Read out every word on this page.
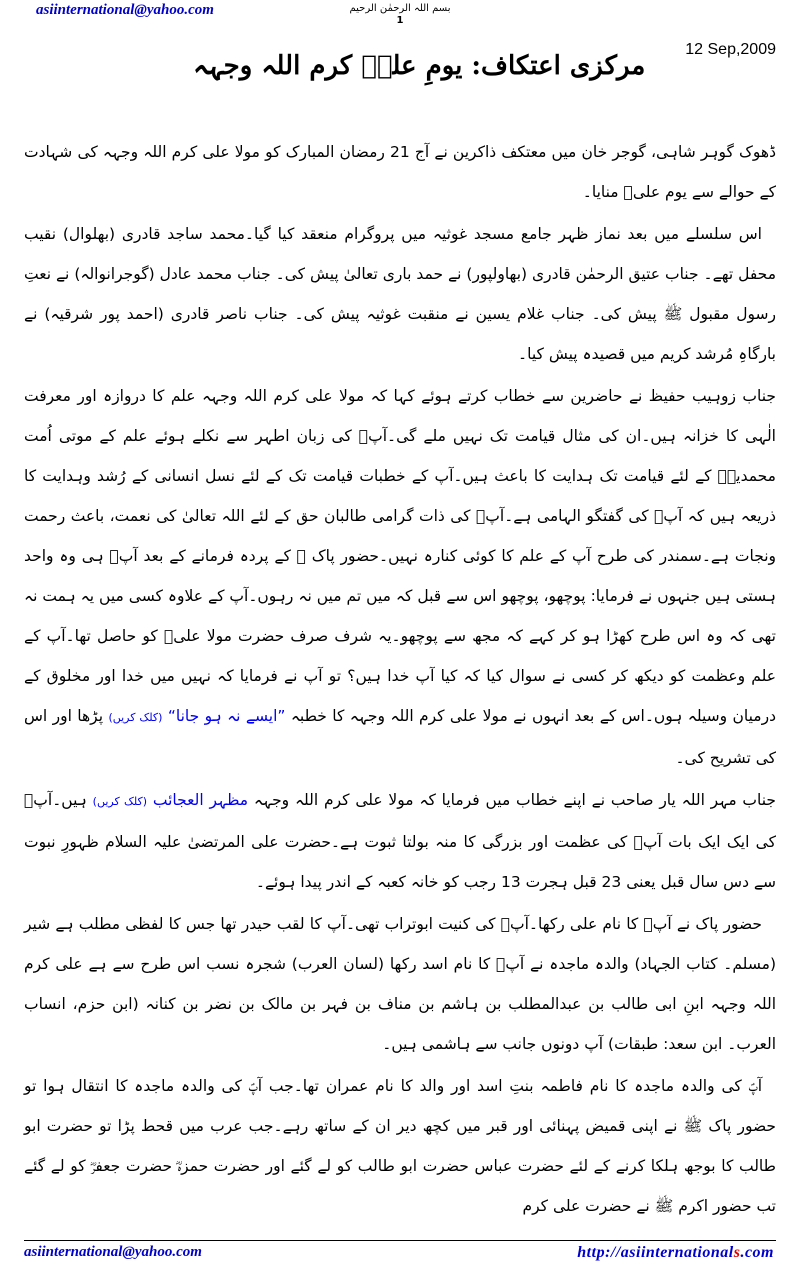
asiinternational@yahoo.com	بسم اللہ الرحمٰن الرحیم
1
مرکزی اعتکاف: یومِ علیؑ کرم اللہ وجہہ
12 Sep,2009

ڈھوک گوہر شاہی، گوجر خان میں معتکف ذاکرین نے آج 21 رمضان المبارک کو مولا علی کرم اللہ وجہہ کی شہادت کے حوالے سے یوم علیؑ منایا۔

اس سلسلے میں بعد نماز ظہر جامع مسجد غوثیہ میں پروگرام منعقد کیا گیا۔محمد ساجد قادری (بھلوال) نقیب محفل تھے۔ جناب عتیق الرحمٰن قادری (بھاولپور) نے حمد باری تعالیٰ پیش کی۔ جناب محمد عادل (گوجرانوالہ) نے نعتِ رسول مقبول ﷺ پیش کی۔ جناب غلام یسین نے منقبت غوثیہ پیش کی۔ جناب ناصر قادری (احمد پور شرقیہ) نے بارگاہِ مُرشد کریم میں قصیدہ پیش کیا۔

جناب زوہیب حفیظ نے حاضرین سے خطاب کرتے ہوئے کہا کہ مولا علی کرم اللہ وجہہ علم کا دروازہ اور معرفت الٰہی کا خزانہ ہیں۔ان کی مثال قیامت تک نہیں ملے گی۔آپؑ کی زبان اطہر سے نکلے ہوئے علم کے موتی اُمت محمدیہؐ کے لئے قیامت تک ہدایت کا باعث ہیں۔آپ کے خطبات قیامت تک کے لئے نسل انسانی کے رُشد وہدایت کا ذریعہ ہیں کہ آپؑ کی گفتگو الہامی ہے۔آپؑ کی ذات گرامی طالبان حق کے لئے اللہ تعالیٰ کی نعمت، باعث رحمت ونجات ہے۔سمندر کی طرح آپ کے علم کا کوئی کنارہ نہیں۔حضور پاک ﷺ کے پردہ فرمانے کے بعد آپؑ ہی وہ واحد ہستی ہیں جنہوں نے فرمایا: پوچھو، پوچھو اس سے قبل کہ میں تم میں نہ رہوں۔آپ کے علاوہ کسی میں یہ ہمت نہ تھی کہ وہ اس طرح کھڑا ہو کر کہے کہ مجھ سے پوچھو۔یہ شرف صرف حضرت مولا علیؑ کو حاصل تھا۔آپ کے علم وعظمت کو دیکھ کر کسی نے سوال کیا کہ کیا آپ خدا ہیں؟ تو آپ نے فرمایا کہ نہیں میں خدا اور مخلوق کے درمیان وسیلہ ہوں۔اس کے بعد انہوں نے مولا علی کرم اللہ وجہہ کا خطبہ ”ایسے نہ ہو جانا“ (کلک کریں) پڑھا اور اس کی تشریح کی۔

جناب مہر اللہ یار صاحب نے اپنے خطاب میں فرمایا کہ مولا علی کرم اللہ وجہہ مظہر العجائب (کلک کریں) ہیں۔آپؑ کی ایک ایک بات آپؑ کی عظمت اور بزرگی کا منہ بولتا ثبوت ہے۔حضرت علی المرتضیٰ علیہ السلام ظہورِ نبوت سے دس سال قبل یعنی 23 قبل ہجرت 13 رجب کو خانہ کعبہ کے اندر پیدا ہوئے۔

حضور پاک نے آپؑ کا نام علی رکھا۔آپؑ کی کنیت ابوتراب تھی۔آپ کا لقب حیدر تھا جس کا لفظی مطلب ہے شیر (مسلم۔ کتاب الجہاد) والدہ ماجدہ نے آپؑ کا نام اسد رکھا (لسان العرب) شجرہ نسب اس طرح سے ہے علی کرم اللہ وجہہ ابنِ ابی طالب بن عبدالمطلب بن ہاشم بن مناف بن فہر بن مالک بن نضر بن کنانہ (ابن حزم، انساب العرب۔ ابن سعد: طبقات) آپ دونوں جانب سے ہاشمی ہیں۔

آپؑ کی والدہ ماجدہ کا نام فاطمہ بنتِ اسد اور والد کا نام عمران تھا۔جب آپؑ کی والدہ ماجدہ کا انتقال ہوا تو حضور پاک ﷺ نے اپنی قمیض پہنائی اور قبر میں کچھ دیر ان کے ساتھ رہے۔جب عرب میں قحط پڑا تو حضرت ابو طالب کا بوجھ ہلکا کرنے کے لئے حضرت عباس حضرت ابو طالب کو لے گئے اور حضرت حمزہؓ حضرت جعفرؓ کو لے گئے تب حضور اکرم ﷺ نے حضرت علی کرم

asiinternational@yahoo.com	http://asiinternationals.com
